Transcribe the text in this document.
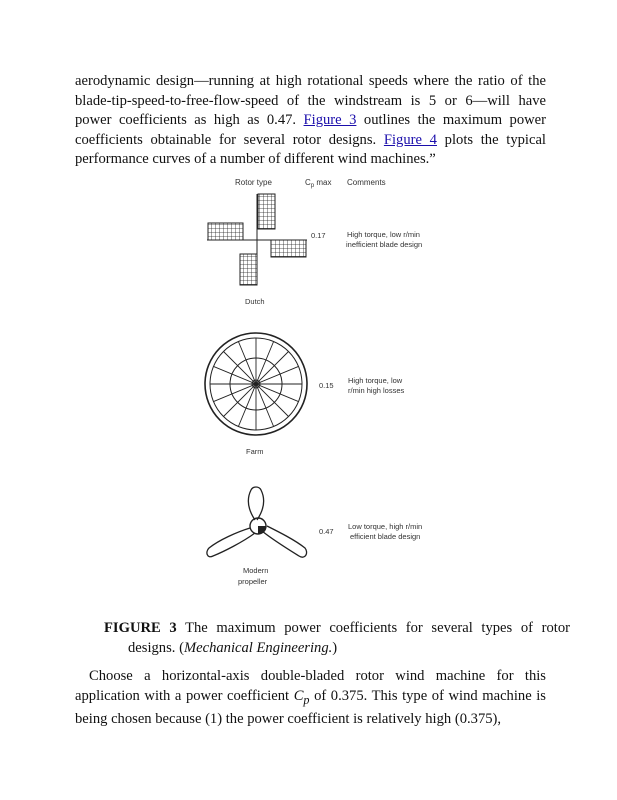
aerodynamic design—running at high rotational speeds where the ratio of the blade-tip-speed-to-free-flow-speed of the windstream is 5 or 6—will have power coefficients as high as 0.47. Figure 3 outlines the maximum power coefficients obtainable for several rotor designs. Figure 4 plots the typical performance curves of a number of different wind machines.”

Rotor type	$C_p$ max Comments
0.17	High torque, low r/min inefficient blade design
Dutch
0.15
High torque, low r/min high losses
Farm
0.47
Low torque, high r/min efficient blade design
Modern propeller

FIGURE 3 The maximum power coefficients for several types of rotor designs. (Mechanical Engineering.)

Choose a horizontal-axis double-bladed rotor wind machine for this application with a power coefficient $C_p$ of 0.375. This type of wind machine is being chosen because (1) the power coefficient is relatively high (0.375),
